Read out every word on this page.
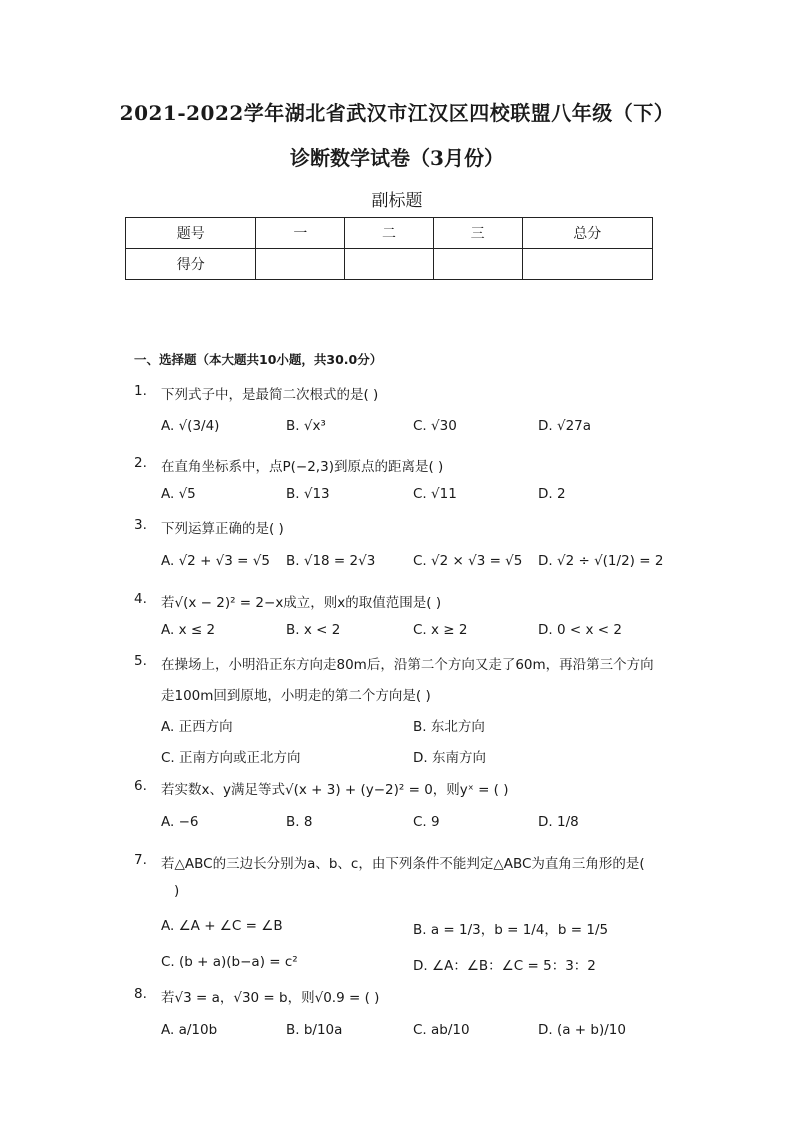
2021-2022学年湖北省武汉市江汉区四校联盟八年级（下）
诊断数学试卷（3月份）
副标题
题号	一	二	三	总分
得分				
一、选择题（本大题共10小题，共30.0分）
1.	下列式子中，是最简二次根式的是( )
A. √(3/4)	B. √x³	C. √30	D. √27a
2.	在直角坐标系中，点P(−2,3)到原点的距离是( )
A. √5	B. √13	C. √11	D. 2
3.	下列运算正确的是( )
A. √2 + √3 = √5 B. √18 = 2√3	C. √2 × √3 = √5 D. √2 ÷ √(1/2) = 2
4.	若√(x − 2)² = 2−x成立，则x的取值范围是( )
A. x ≤ 2	B. x < 2	C. x ≥ 2	D. 0 < x < 2
5.	在操场上，小明沿正东方向走80m后，沿第二个方向又走了60m，再沿第三个方向
走100m回到原地，小明走的第二个方向是( )
A. 正西方向	B. 东北方向
C. 正南方向或正北方向	D. 东南方向
6.	若实数x、y满足等式√(x + 3) + (y−2)² = 0，则yˣ = ( )
A. −6	B. 8	C. 9	D. 1/8
7.	若△ABC的三边长分别为a、b、c，由下列条件不能判定△ABC为直角三角形的是(
)
A. ∠A + ∠C = ∠B	B. a = 1/3，b = 1/4，b = 1/5
C. (b + a)(b−a) = c²	D. ∠A：∠B：∠C = 5：3：2
8.	若√3 = a，√30 = b，则√0.9 = ( )
A. a/10b	B. b/10a	C. ab/10	D. (a + b)/10
